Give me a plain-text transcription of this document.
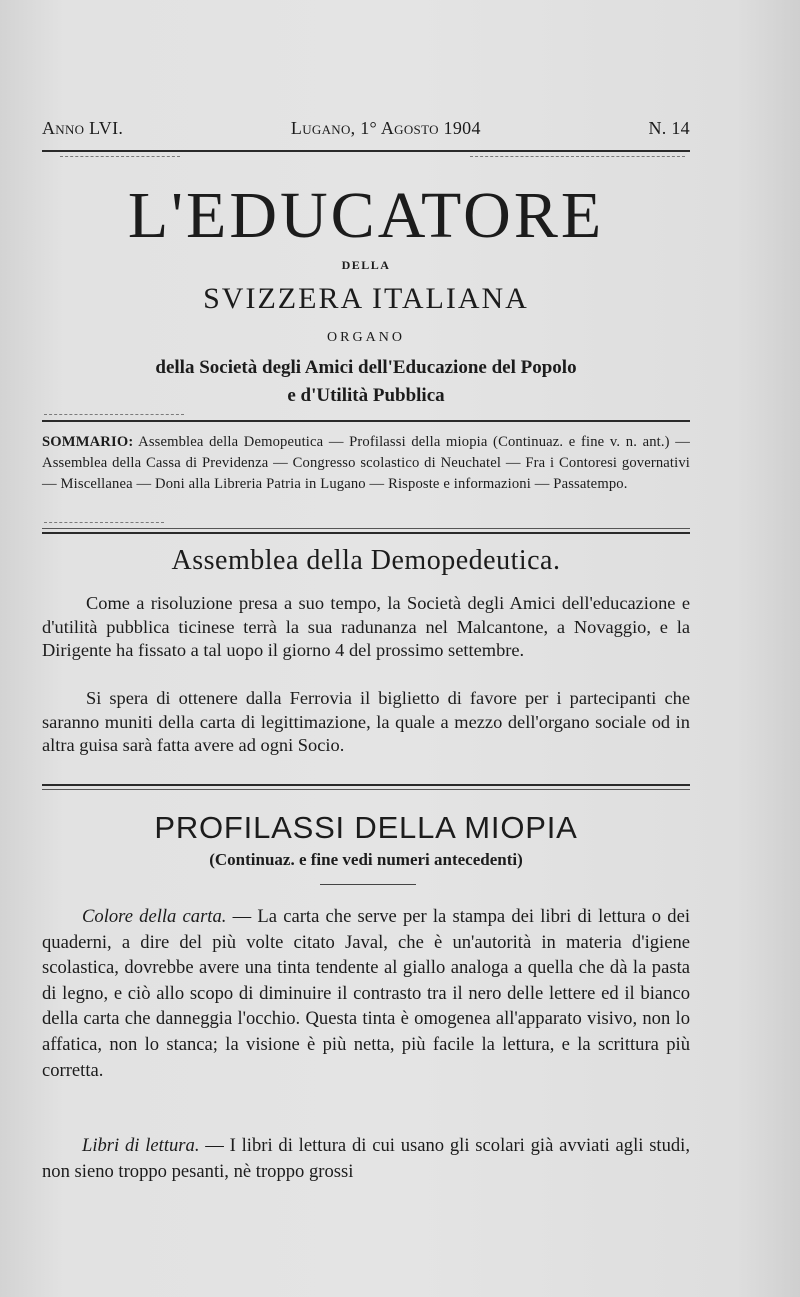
Anno LVI.	Lugano, 1° Agosto 1904	N. 14
L'EDUCATORE
DELLA
SVIZZERA ITALIANA
ORGANO
della Società degli Amici dell'Educazione del Popolo
e d'Utilità Pubblica
SOMMARIO: Assemblea della Demopeutica — Profilassi della miopia (Continuaz. e fine v. n. ant.) — Assemblea della Cassa di Previdenza — Congresso scolastico di Neuchatel — Fra i Contoresi governativi — Miscellanea — Doni alla Libreria Patria in Lugano — Risposte e informazioni — Passatempo.
Assemblea della Demopedeutica.
Come a risoluzione presa a suo tempo, la Società degli Amici dell'educazione e d'utilità pubblica ticinese terrà la sua radunanza nel Malcantone, a Novaggio, e la Dirigente ha fissato a tal uopo il giorno 4 del prossimo settembre.
Si spera di ottenere dalla Ferrovia il biglietto di favore per i partecipanti che saranno muniti della carta di legittimazione, la quale a mezzo dell'organo sociale od in altra guisa sarà fatta avere ad ogni Socio.
PROFILASSI DELLA MIOPIA
(Continuaz. e fine vedi numeri antecedenti)
Colore della carta. — La carta che serve per la stampa dei libri di lettura o dei quaderni, a dire del più volte citato Javal, che è un'autorità in materia d'igiene scolastica, dovrebbe avere una tinta tendente al giallo analoga a quella che dà la pasta di legno, e ciò allo scopo di diminuire il contrasto tra il nero delle lettere ed il bianco della carta che danneggia l'occhio. Questa tinta è omogenea all'apparato visivo, non lo affatica, non lo stanca; la visione è più netta, più facile la lettura, e la scrittura più corretta.
Libri di lettura. — I libri di lettura di cui usano gli scolari già avviati agli studi, non sieno troppo pesanti, nè troppo grossi
